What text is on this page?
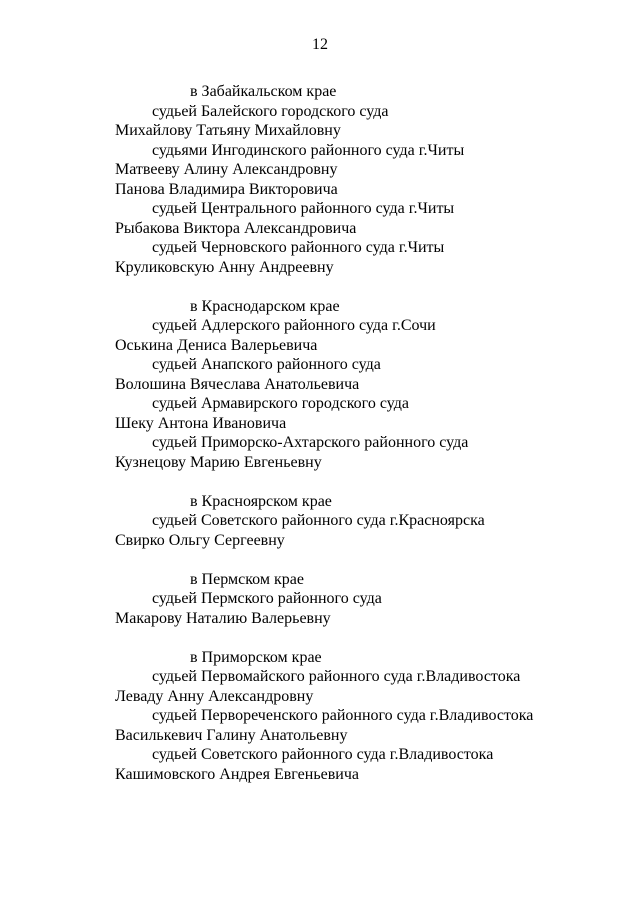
12
в Забайкальском крае
судьей Балейского городского суда
Михайлову Татьяну Михайловну
судьями Ингодинского районного суда г.Читы
Матвееву Алину Александровну
Панова Владимира Викторовича
судьей Центрального районного суда г.Читы
Рыбакова Виктора Александровича
судьей Черновского районного суда г.Читы
Круликовскую Анну Андреевну
в Краснодарском крае
судьей Адлерского районного суда г.Сочи
Оськина Дениса Валерьевича
судьей Анапского районного суда
Волошина Вячеслава Анатольевича
судьей Армавирского городского суда
Шеку Антона Ивановича
судьей Приморско-Ахтарского районного суда
Кузнецову Марию Евгеньевну
в Красноярском крае
судьей Советского районного суда г.Красноярска
Свирко Ольгу Сергеевну
в Пермском крае
судьей Пермского районного суда
Макарову Наталию Валерьевну
в Приморском крае
судьей Первомайского районного суда г.Владивостока
Леваду Анну Александровну
судьей Первореченского районного суда г.Владивостока
Василькевич Галину Анатольевну
судьей Советского районного суда г.Владивостока
Кашимовского Андрея Евгеньевича
